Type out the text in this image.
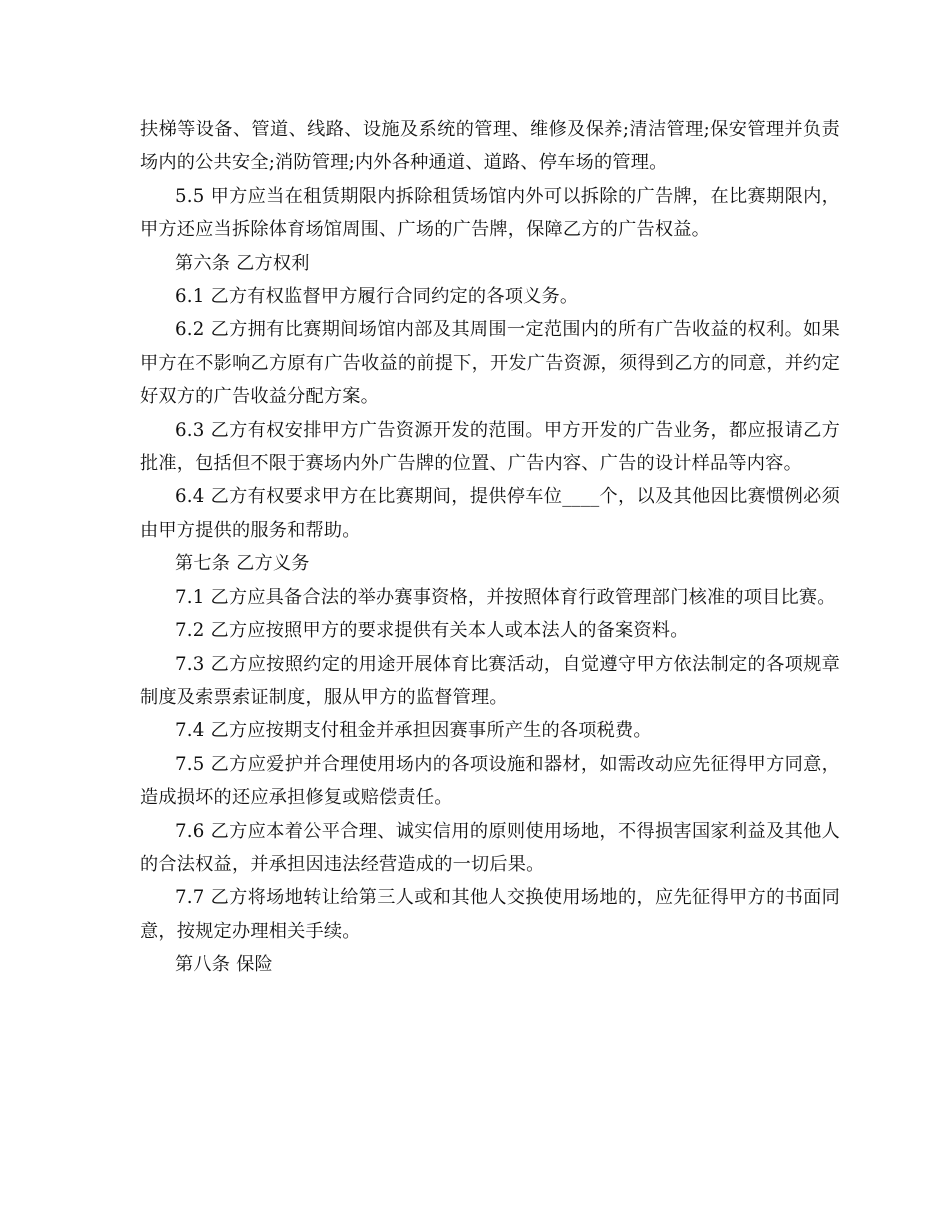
扶梯等设备、管道、线路、设施及系统的管理、维修及保养;清洁管理;保安管理并负责场内的公共安全;消防管理;内外各种通道、道路、停车场的管理。

5.5 甲方应当在租赁期限内拆除租赁场馆内外可以拆除的广告牌，在比赛期限内，甲方还应当拆除体育场馆周围、广场的广告牌，保障乙方的广告权益。

第六条 乙方权利

6.1 乙方有权监督甲方履行合同约定的各项义务。

6.2 乙方拥有比赛期间场馆内部及其周围一定范围内的所有广告收益的权利。如果甲方在不影响乙方原有广告收益的前提下，开发广告资源，须得到乙方的同意，并约定好双方的广告收益分配方案。

6.3 乙方有权安排甲方广告资源开发的范围。甲方开发的广告业务，都应报请乙方批准，包括但不限于赛场内外广告牌的位置、广告内容、广告的设计样品等内容。

6.4 乙方有权要求甲方在比赛期间，提供停车位____个，以及其他因比赛惯例必须由甲方提供的服务和帮助。

第七条 乙方义务

7.1 乙方应具备合法的举办赛事资格，并按照体育行政管理部门核准的项目比赛。

7.2 乙方应按照甲方的要求提供有关本人或本法人的备案资料。

7.3 乙方应按照约定的用途开展体育比赛活动，自觉遵守甲方依法制定的各项规章制度及索票索证制度，服从甲方的监督管理。

7.4 乙方应按期支付租金并承担因赛事所产生的各项税费。

7.5 乙方应爱护并合理使用场内的各项设施和器材，如需改动应先征得甲方同意，造成损坏的还应承担修复或赔偿责任。

7.6 乙方应本着公平合理、诚实信用的原则使用场地，不得损害国家利益及其他人的合法权益，并承担因违法经营造成的一切后果。

7.7 乙方将场地转让给第三人或和其他人交换使用场地的，应先征得甲方的书面同意，按规定办理相关手续。

第八条 保险
